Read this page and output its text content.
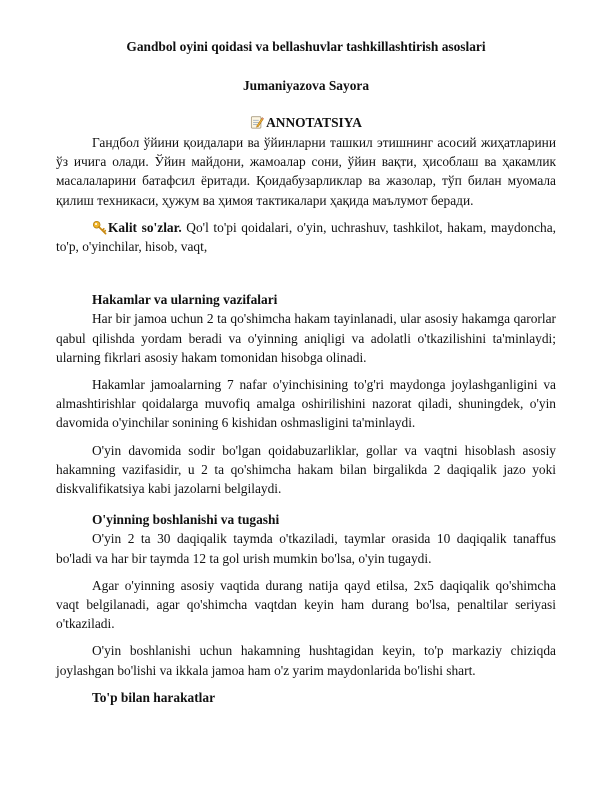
Gandbol oyini qoidasi va bellashuvlar tashkillashtirish asoslari
Jumaniyazova Sayora
ANNOTATSIYA

Гандбол ўйини қоидалари ва ўйинларни ташкил этишнинг асосий жиҳатларини ўз ичига олади. Ўйин майдони, жамоалар сони, ўйин вақти, ҳисоблаш ва ҳакамлик масалаларини батафсил ёритади. Қоидабузарликлар ва жазолар, тўп билан муомала қилиш техникаси, ҳужум ва ҳимоя тактикалари ҳақида маълумот беради.

Kalit so'zlar. Qo'l to'pi qoidalari, o'yin, uchrashuv, tashkilot, hakam, maydoncha, to'p, o'yinchilar, hisob, vaqt,

Hakamlar va ularning vazifalari

Har bir jamoa uchun 2 ta qo'shimcha hakam tayinlanadi, ular asosiy hakamga qarorlar qabul qilishda yordam beradi va o'yinning aniqligi va adolatli o'tkazilishini ta'minlaydi; ularning fikrlari asosiy hakam tomonidan hisobga olinadi.

Hakamlar jamoalarning 7 nafar o'yinchisining to'g'ri maydonga joylashganligini va almashtirishlar qoidalarga muvofiq amalga oshirilishini nazorat qiladi, shuningdek, o'yin davomida o'yinchilar sonining 6 kishidan oshmasligini ta'minlaydi.

O'yin davomida sodir bo'lgan qoidabuzarliklar, gollar va vaqtni hisoblash asosiy hakamning vazifasidir, u 2 ta qo'shimcha hakam bilan birgalikda 2 daqiqalik jazo yoki diskvalifikatsiya kabi jazolarni belgilaydi.

O'yinning boshlanishi va tugashi

O'yin 2 ta 30 daqiqalik taymda o'tkaziladi, taymlar orasida 10 daqiqalik tanaffus bo'ladi va har bir taymda 12 ta gol urish mumkin bo'lsa, o'yin tugaydi.

Agar o'yinning asosiy vaqtida durang natija qayd etilsa, 2x5 daqiqalik qo'shimcha vaqt belgilanadi, agar qo'shimcha vaqtdan keyin ham durang bo'lsa, penaltilar seriyasi o'tkaziladi.

O'yin boshlanishi uchun hakamning hushtagidan keyin, to'p markaziy chiziqda joylashgan bo'lishi va ikkala jamoa ham o'z yarim maydonlarida bo'lishi shart.

To'p bilan harakatlar
